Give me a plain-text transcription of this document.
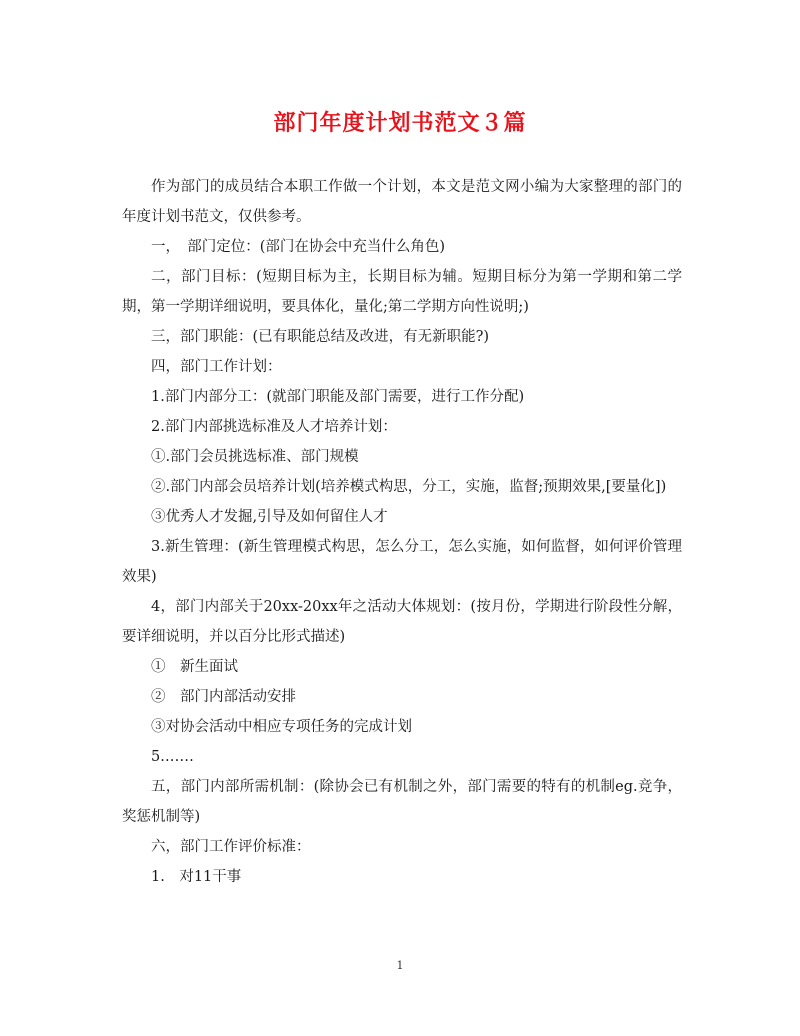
部门年度计划书范文３篇

作为部门的成员结合本职工作做一个计划，本文是范文网小编为大家整理的部门的年度计划书范文，仅供参考。

一，　部门定位：(部门在协会中充当什么角色)

二，部门目标：(短期目标为主，长期目标为辅。短期目标分为第一学期和第二学期，第一学期详细说明，要具体化，量化;第二学期方向性说明;)

三，部门职能：(已有职能总结及改进，有无新职能?)

四，部门工作计划：

1.部门内部分工：(就部门职能及部门需要，进行工作分配)

2.部门内部挑选标准及人才培养计划：

①.部门会员挑选标准、部门规模

②.部门内部会员培养计划(培养模式构思，分工，实施，监督;预期效果,[要量化])

③优秀人才发掘,引导及如何留住人才

3.新生管理：(新生管理模式构思，怎么分工，怎么实施，如何监督，如何评价管理效果)

4，部门内部关于20xx-20xx年之活动大体规划：(按月份，学期进行阶段性分解，要详细说明，并以百分比形式描述)

①　新生面试

②　部门内部活动安排

③对协会活动中相应专项任务的完成计划

5.……

五，部门内部所需机制：(除协会已有机制之外，部门需要的特有的机制eg.竞争，奖惩机制等)

六，部门工作评价标准：

1.　对11干事

1
